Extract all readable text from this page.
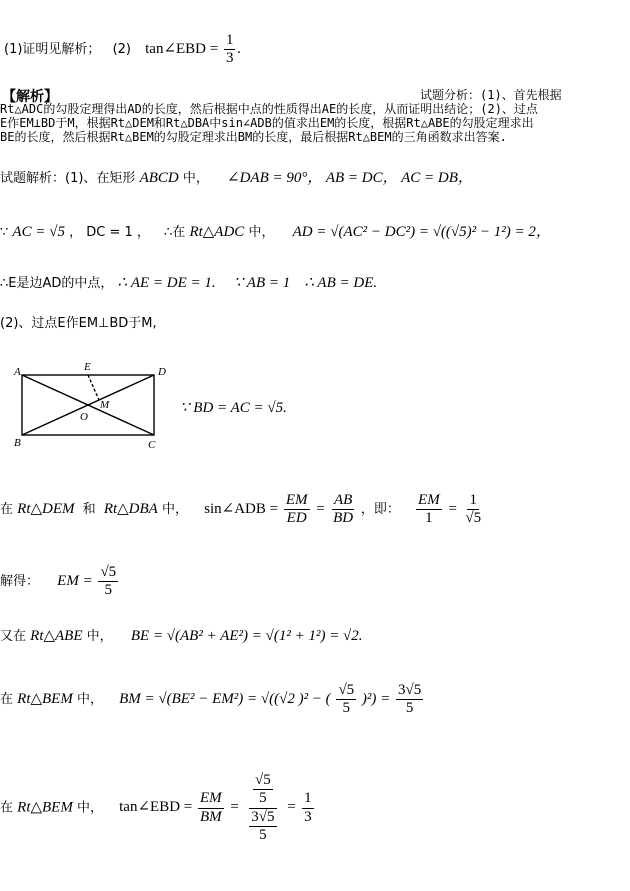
(1)证明见解析； (2) tan∠EBD = $\frac{1}{3}$ .
【解析】	试题分析：(1)、首先根据
Rt△ADC的勾股定理得出AD的长度，然后根据中点的性质得出AE的长度，从而证明出结论；(2)、过点
E作EM⊥BD于M，根据Rt△DEM和Rt△DBA中sin∠ADB的值求出EM的长度，根据Rt△ABE的勾股定理求出
BE的长度，然后根据Rt△BEM的勾股定理求出BM的长度，最后根据Rt△BEM的三角函数求出答案.
试题解析：(1)、在矩形 ABCD 中， ∠DAB = 90°， AB = DC， AC = DB，
∵ AC = √5 ， DC = 1 ， ∴在 Rt△ADC 中， AD = √(AC² − DC²) = √((√5)² − 1²) = 2，
∴E是边AD的中点， ∴ AE = DE = 1. ∵ AB = 1 ∴ AB = DE.
(2)、过点E作EM⊥BD于M,
A	D
B	C
E
M
O
∵ BD = AC = √5.
在 Rt△DEM 和 Rt△DBA 中， sin∠ADB = $\frac{EM}{ED} = \frac{AB}{BD}$ ，即： $\frac{EM}{1} = \frac{1}{√5}$
解得： EM = $\frac{√5}{5}$
又在 Rt△ABE 中， BE = √(AB² + AE²) = √(1² + 1²) = √2.
在 Rt△BEM 中， BM = √(BE² − EM²) = √((√2 )² − ( $\frac{√5}{5} )^2) = \frac{3√5}{5}$
在 Rt△BEM 中， tan∠EBD = $\frac{EM}{BM} = \frac{\frac{√5}{5}}{\frac{3√5}{5}} = \frac{1}{3}$
